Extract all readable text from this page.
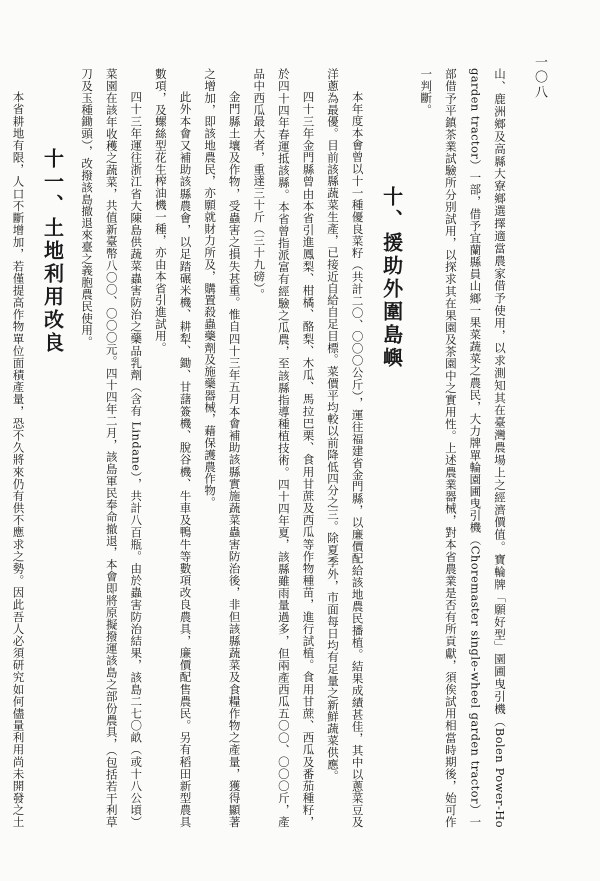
一〇八

山、鹿洲鄉及高縣大寮鄉選擇適當農家借予使用，以求測知其在臺灣農場上之經濟價值。寶輪牌「願好型」園圃曳引機（Bolen Power-Ho garden tractor）一部，借予宜蘭縣員山鄉一果菜蔬菜之農民，大力牌單輪園圃曳引機（Choremaster single-wheel garden tractor）一部借予平鎮茶業試驗所分別試用，以探求其在果園及茶園中之實用性。上述農業器械，對本省農業是否有所貢獻，須俟試用相當時期後，始可作一判斷。

十、援助外圍島嶼

本年度本會曾以十一種優良菜籽（共計二〇、〇〇〇公斤），運往福建省金門縣，以廉價配給該地農民播植。結果成績甚佳，其中以蔥菜豆及洋蔥為最優。目前該縣蔬菜生產，已接近自給自足目標。菜價平均較以前降低四分之三。除夏季外，市面每日均有足量之新鮮蔬菜供應。

四十三年金門縣曾由本省引進鳳梨、柑橘、酪梨、木瓜、馬拉巴栗、食用甘蔗及西瓜等作物種苗，進行試植。食用甘蔗、西瓜及番茄種籽，於四十四年春運抵該縣。本省曾指派富有經驗之瓜農，至該縣指導種植技術。四十四年夏，該縣雖雨量過多，但兩產西瓜五〇〇、〇〇〇斤，產品中西瓜最大者，重達三十斤（三十九磅）。

金門縣土壤及作物，受蟲害之損失甚重。惟自四十三年五月本會補助該縣實施蔬菜蟲害防治後，非但該縣蔬菜及食糧作物之產量，獲得顯著之增加，即該地農民，亦願就財力所及，購置殺蟲藥劑及施藥器械，藉保護農作物。

此外本會又補助該縣農會，以足踏碾米機、耕犁、鋤、甘藷簽機、脫谷機、牛車及鴨牛等數項改良農具，廉價配售農民。另有稻田新型農具數項，及螺絲型花生榨油機一種，亦由本省引進試用。

四十三年運往浙江省大陳島供蔬菜蟲害防治之藥品乳劑（含有 Lindane），共計八百瓶。由於蟲害防治結果，該島二七〇畝（或十八公頃）菜園在該年收穫之蔬菜，共值新臺幣八〇〇、〇〇〇元。四十四年二月，該島軍民奉命撤退，本會即將原擬撥運該島之部份農具，（包括若干利草刀及玉種鋤頭），改撥該島撤退來臺之義胞農民使用。

十一、土地利用改良

本省耕地有限，人口不斷增加，若僅提高作物單位面積產量，恐不久將來仍有供不應求之勢。因此吾人必須研究如何儘量利用尚未開發之土
